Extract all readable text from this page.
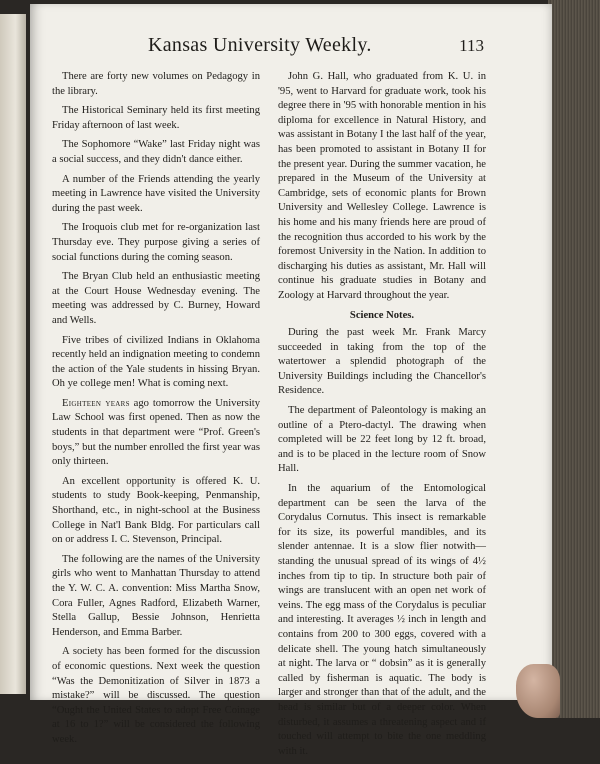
Kansas University Weekly.	113

There are forty new volumes on Pedagogy in the library.

The Historical Seminary held its first meeting Friday afternoon of last week.

The Sophomore “Wake” last Friday night was a social success, and they didn't dance either.

A number of the Friends attending the yearly meeting in Lawrence have visited the University during the past week.

The Iroquois club met for re-organization last Thursday eve. They purpose giving a series of social functions during the coming season.

The Bryan Club held an enthusiastic meeting at the Court House Wednesday evening. The meeting was addressed by C. Burney, Howard and Wells.

Five tribes of civilized Indians in Oklahoma recently held an indignation meeting to condemn the action of the Yale students in hissing Bryan. Oh ye college men! What is coming next.

Eighteen years ago tomorrow the University Law School was first opened. Then as now the students in that department were “Prof. Green's boys,” but the number enrolled the first year was only thirteen.

An excellent opportunity is offered K. U. students to study Book-keeping, Penmanship, Shorthand, etc., in night-school at the Business College in Nat'l Bank Bldg. For particulars call on or address I. C. Stevenson, Principal.

The following are the names of the University girls who went to Manhattan Thursday to attend the Y. W. C. A. convention: Miss Martha Snow, Cora Fuller, Agnes Radford, Elizabeth Warner, Stella Gallup, Bessie Johnson, Henrietta Henderson, and Emma Barber.

A society has been formed for the discussion of economic questions. Next week the question “Was the Demonitization of Silver in 1873 a mistake?” will be discussed. The question “Ought the United States to adopt Free Coinage at 16 to 1?” will be considered the following week.

John G. Hall, who graduated from K. U. in '95, went to Harvard for graduate work, took his degree there in '95 with honorable mention in his diploma for excellence in Natural History, and was assistant in Botany I the last half of the year, has been promoted to assistant in Botany II for the present year. During the summer vacation, he prepared in the Museum of the University at Cambridge, sets of economic plants for Brown University and Wellesley College. Lawrence is his home and his many friends here are proud of the recognition thus accorded to his work by the foremost University in the Nation. In addition to discharging his duties as assistant, Mr. Hall will continue his graduate studies in Botany and Zoology at Harvard throughout the year.

Science Notes.

During the past week Mr. Frank Marcy succeeded in taking from the top of the watertower a splendid photograph of the University Buildings including the Chancellor's Residence.

The department of Paleontology is making an outline of a Ptero-dactyl. The drawing when completed will be 22 feet long by 12 ft. broad, and is to be placed in the lecture room of Snow Hall.

In the aquarium of the Entomological department can be seen the larva of the Corydalus Cornutus. This insect is remarkable for its size, its powerful mandibles, and its slender antennae. It is a slow flier notwith—standing the unusual spread of its wings of 4½ inches from tip to tip. In structure both pair of wings are translucent with an open net work of veins. The egg mass of the Corydalus is peculiar and interesting. It averages ½ inch in length and contains from 200 to 300 eggs, covered with a delicate shell. The young hatch simultaneously at night. The larva or “ dobsin” as it is generally called by fisherman is aquatic. The body is larger and stronger than that of the adult, and the head is similar but of a deeper color. When disturbed, it assumes a threatening aspect and if touched will attempt to bite the one meddling with it.
